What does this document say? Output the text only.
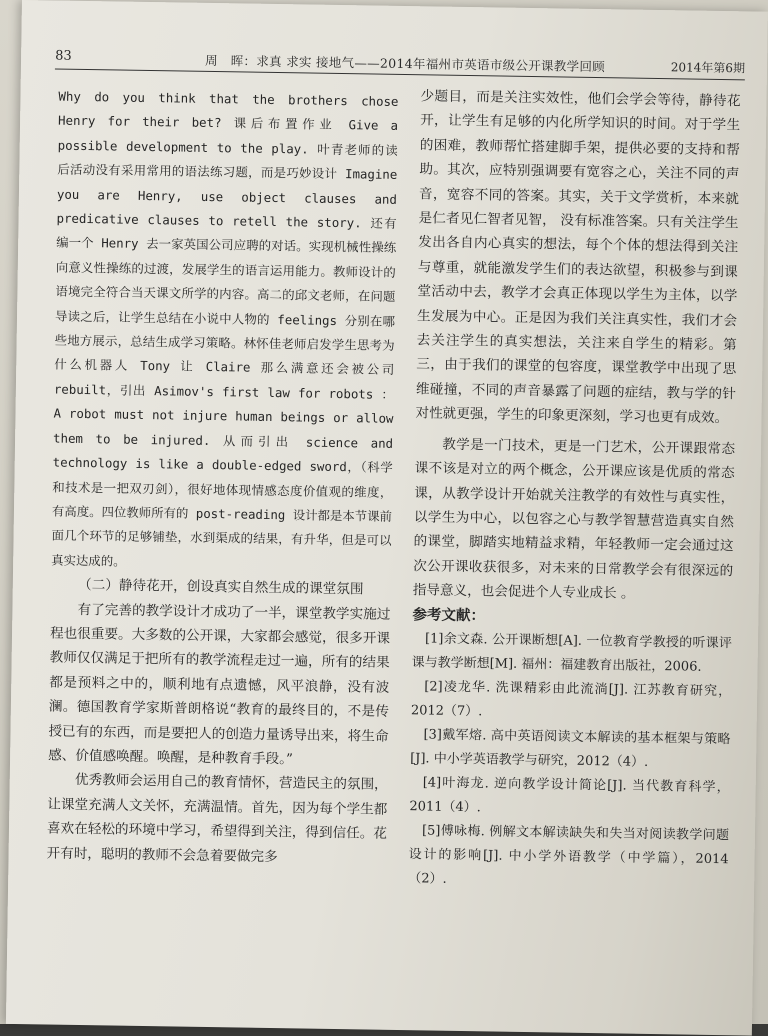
83	周　晖：求真 求实 接地气——2014年福州市英语市级公开课教学回顾	2014年第6期

Why do you think that the brothers chose Henry for their bet? 课后布置作业 Give a possible development to the play. 叶青老师的读后活动没有采用常用的语法练习题，而是巧妙设计 Imagine you are Henry, use object clauses and predicative clauses to retell the story. 还有编一个 Henry 去一家英国公司应聘的对话。实现机械性操练向意义性操练的过渡，发展学生的语言运用能力。教师设计的语境完全符合当天课文所学的内容。高二的邱文老师，在问题导读之后，让学生总结在小说中人物的 feelings 分别在哪些地方展示，总结生成学习策略。林怀佳老师启发学生思考为什么机器人 Tony 让 Claire 那么满意还会被公司 rebuilt，引出 Asimov's first law for robots ：A robot must not injure human beings or allow them to be injured. 从而引出 science and technology is like a double-edged sword，（科学和技术是一把双刃剑），很好地体现情感态度价值观的维度，有高度。四位教师所有的 post-reading 设计都是本节课前面几个环节的足够铺垫，水到渠成的结果，有升华，但是可以真实达成的。

（二）静待花开，创设真实自然生成的课堂氛围

有了完善的教学设计才成功了一半，课堂教学实施过程也很重要。大多数的公开课，大家都会感觉，很多开课教师仅仅满足于把所有的教学流程走过一遍，所有的结果都是预料之中的，顺利地有点遗憾，风平浪静，没有波澜。德国教育学家斯普朗格说“教育的最终目的，不是传授已有的东西，而是要把人的创造力量诱导出来，将生命感、价值感唤醒。唤醒，是种教育手段。”

优秀教师会运用自己的教育情怀，营造民主的氛围，让课堂充满人文关怀，充满温情。首先，因为每个学生都喜欢在轻松的环境中学习，希望得到关注，得到信任。花开有时，聪明的教师不会急着要做完多

少题目，而是关注实效性，他们会学会等待，静待花开，让学生有足够的内化所学知识的时间。对于学生的困难，教师帮忙搭建脚手架，提供必要的支持和帮助。其次，应特别强调要有宽容之心，关注不同的声音，宽容不同的答案。其实，关于文学赏析，本来就是仁者见仁智者见智， 没有标准答案。只有关注学生发出各自内心真实的想法，每个个体的想法得到关注与尊重，就能激发学生们的表达欲望，积极参与到课堂活动中去，教学才会真正体现以学生为主体，以学生发展为中心。正是因为我们关注真实性，我们才会去关注学生的真实想法，关注来自学生的精彩。第三，由于我们的课堂的包容度，课堂教学中出现了思维碰撞，不同的声音暴露了问题的症结，教与学的针对性就更强，学生的印象更深刻，学习也更有成效。

教学是一门技术，更是一门艺术，公开课跟常态课不该是对立的两个概念，公开课应该是优质的常态课，从教学设计开始就关注教学的有效性与真实性，以学生为中心，以包容之心与教学智慧营造真实自然的课堂，脚踏实地精益求精，年轻教师一定会通过这次公开课收获很多，对未来的日常教学会有很深远的指导意义，也会促进个人专业成长 。

参考文献：

[1]余文森. 公开课断想[A]. 一位教育学教授的听课评课与教学断想[M]. 福州：福建教育出版社，2006.

[2]凌龙华. 洗课精彩由此流淌[J]. 江苏教育研究，2012（7）.

[3]戴军熔. 高中英语阅读文本解读的基本框架与策略[J]. 中小学英语教学与研究，2012（4）.

[4]叶海龙. 逆向教学设计简论[J]. 当代教育科学，2011（4）.

[5]傅咏梅. 例解文本解读缺失和失当对阅读教学问题设计的影响[J]. 中小学外语教学（中学篇），2014（2）.
